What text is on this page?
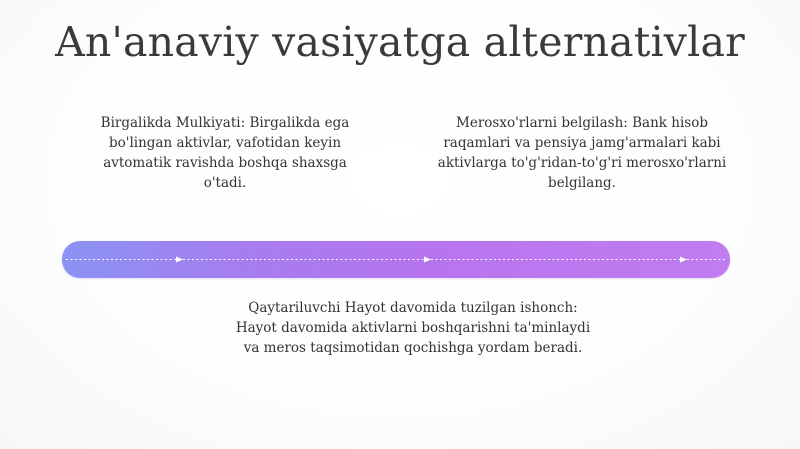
An'anaviy vasiyatga alternativlar

Birgalikda Mulkiyati: Birgalikda ega bo'lingan aktivlar, vafotidan keyin avtomatik ravishda boshqa shaxsga o'tadi.

Merosxo'rlarni belgilash: Bank hisob raqamlari va pensiya jamg'armalari kabi aktivlarga to'g'ridan-to'g'ri merosxo'rlarni belgilang.

Qaytariluvchi Hayot davomida tuzilgan ishonch: Hayot davomida aktivlarni boshqarishni ta'minlaydi va meros taqsimotidan qochishga yordam beradi.
